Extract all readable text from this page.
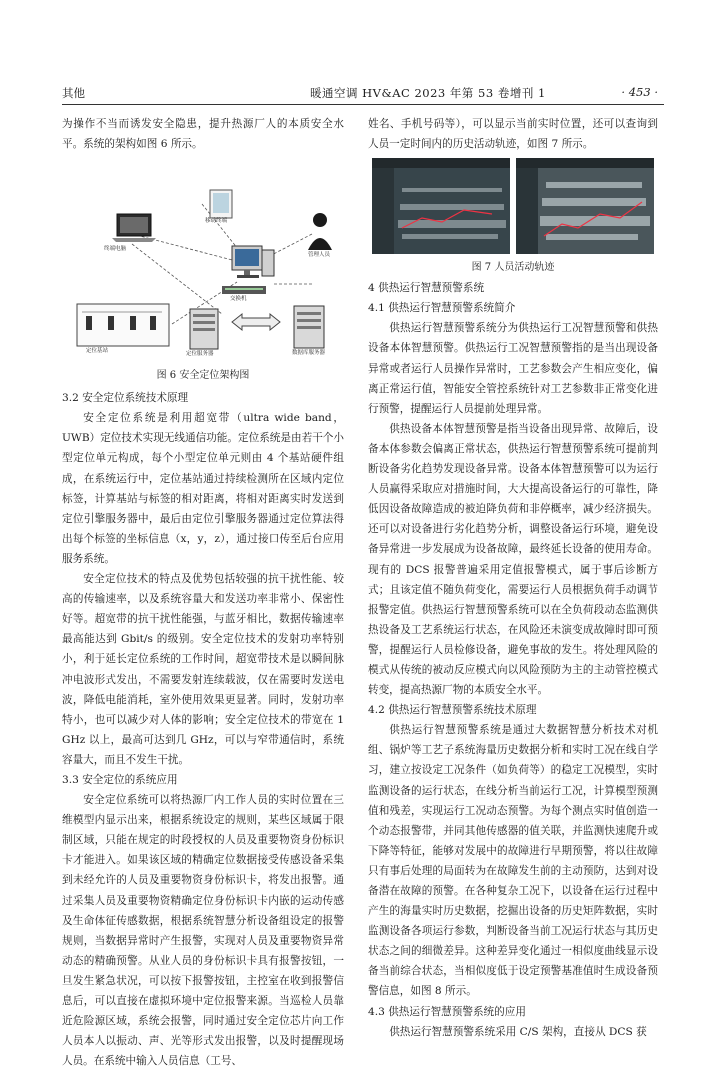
其他	暖通空调 HV&AC 2023 年第 53 卷增刊 1	· 453 ·

为操作不当而诱发安全隐患，提升热源厂人的本质安全水平。系统的架构如图 6 所示。

终端电脑
移动终端
管理人员
交换机
定位基站	定位服务器	数据库服务器
图 6 安全定位架构图

3.2 安全定位系统技术原理

安全定位系统是利用超宽带（ultra wide band，UWB）定位技术实现无线通信功能。定位系统是由若干个小型定位单元构成，每个小型定位单元则由 4 个基站硬件组成，在系统运行中，定位基站通过持续检测所在区域内定位标签，计算基站与标签的相对距离，将相对距离实时发送到定位引擎服务器中，最后由定位引擎服务器通过定位算法得出每个标签的坐标信息（x，y，z），通过接口传至后台应用服务系统。

安全定位技术的特点及优势包括较强的抗干扰性能、较高的传输速率，以及系统容量大和发送功率非常小、保密性好等。超宽带的抗干扰性能强，与蓝牙相比，数据传输速率最高能达到 Gbit/s 的级别。安全定位技术的发射功率特别小，利于延长定位系统的工作时间，超宽带技术是以瞬间脉冲电波形式发出，不需要发射连续载波，仅在需要时发送电波，降低电能消耗，室外使用效果更显著。同时，发射功率特小，也可以减少对人体的影响；安全定位技术的带宽在 1 GHz 以上，最高可达到几 GHz，可以与窄带通信时，系统容量大，而且不发生干扰。

3.3 安全定位的系统应用

安全定位系统可以将热源厂内工作人员的实时位置在三维模型内显示出来，根据系统设定的规则，某些区域属于限制区域，只能在规定的时段授权的人员及重要物资身份标识卡才能进入。如果该区域的精确定位数据接受传感设备采集到未经允许的人员及重要物资身份标识卡，将发出报警。通过采集人员及重要物资精确定位身份标识卡内嵌的运动传感及生命体征传感数据，根据系统智慧分析设备组设定的报警规则，当数据异常时产生报警，实现对人员及重要物资异常动态的精确预警。从业人员的身份标识卡具有报警按钮，一旦发生紧急状况，可以按下报警按钮，主控室在收到报警信息后，可以直接在虚拟环境中定位报警来源。当巡检人员靠近危险源区域，系统会报警，同时通过安全定位芯片向工作人员本人以振动、声、光等形式发出报警，以及时提醒现场人员。在系统中输入人员信息（工号、

姓名、手机号码等），可以显示当前实时位置，还可以查询到人员一定时间内的历史活动轨迹，如图 7 所示。

图 7 人员活动轨迹

4 供热运行智慧预警系统

4.1 供热运行智慧预警系统简介

供热运行智慧预警系统分为供热运行工况智慧预警和供热设备本体智慧预警。供热运行工况智慧预警指的是当出现设备异常或者运行人员操作异常时，工艺参数会产生相应变化，偏离正常运行值，智能安全管控系统针对工艺参数非正常变化进行预警，提醒运行人员提前处理异常。

供热设备本体智慧预警是指当设备出现异常、故障后，设备本体参数会偏离正常状态，供热运行智慧预警系统可提前判断设备劣化趋势发现设备异常。设备本体智慧预警可以为运行人员赢得采取应对措施时间，大大提高设备运行的可靠性，降低因设备故障造成的被迫降负荷和非停概率，减少经济损失。还可以对设备进行劣化趋势分析，调整设备运行环境，避免设备异常进一步发展成为设备故障，最终延长设备的使用寿命。现有的 DCS 报警普遍采用定值报警模式，属于事后诊断方式；且该定值不随负荷变化，需要运行人员根据负荷手动调节报警定值。供热运行智慧预警系统可以在全负荷段动态监测供热设备及工艺系统运行状态，在风险还未演变成故障时即可预警，提醒运行人员检修设备，避免事故的发生。将处理风险的模式从传统的被动反应模式向以风险预防为主的主动管控模式转变，提高热源厂物的本质安全水平。

4.2 供热运行智慧预警系统技术原理

供热运行智慧预警系统是通过大数据智慧分析技术对机组、锅炉等工艺子系统海量历史数据分析和实时工况在线自学习，建立按设定工况条件（如负荷等）的稳定工况模型，实时监测设备的运行状态，在线分析当前运行工况，计算模型预测值和残差，实现运行工况动态预警。为每个测点实时值创造一个动态报警带，并同其他传感器的值关联，并监测快速爬升或下降等特征，能够对发展中的故障进行早期预警，将以往故障只有事后处理的局面转为在故障发生前的主动预防，达到对设备潜在故障的预警。在各种复杂工况下，以设备在运行过程中产生的海量实时历史数据，挖掘出设备的历史矩阵数据，实时监测设备各项运行参数，判断设备当前工况运行状态与其历史状态之间的细微差异。这种差异变化通过一相似度曲线显示设备当前综合状态，当相似度低于设定预警基准值时生成设备预警信息，如图 8 所示。

4.3 供热运行智慧预警系统的应用

供热运行智慧预警系统采用 C/S 架构，直接从 DCS 获
